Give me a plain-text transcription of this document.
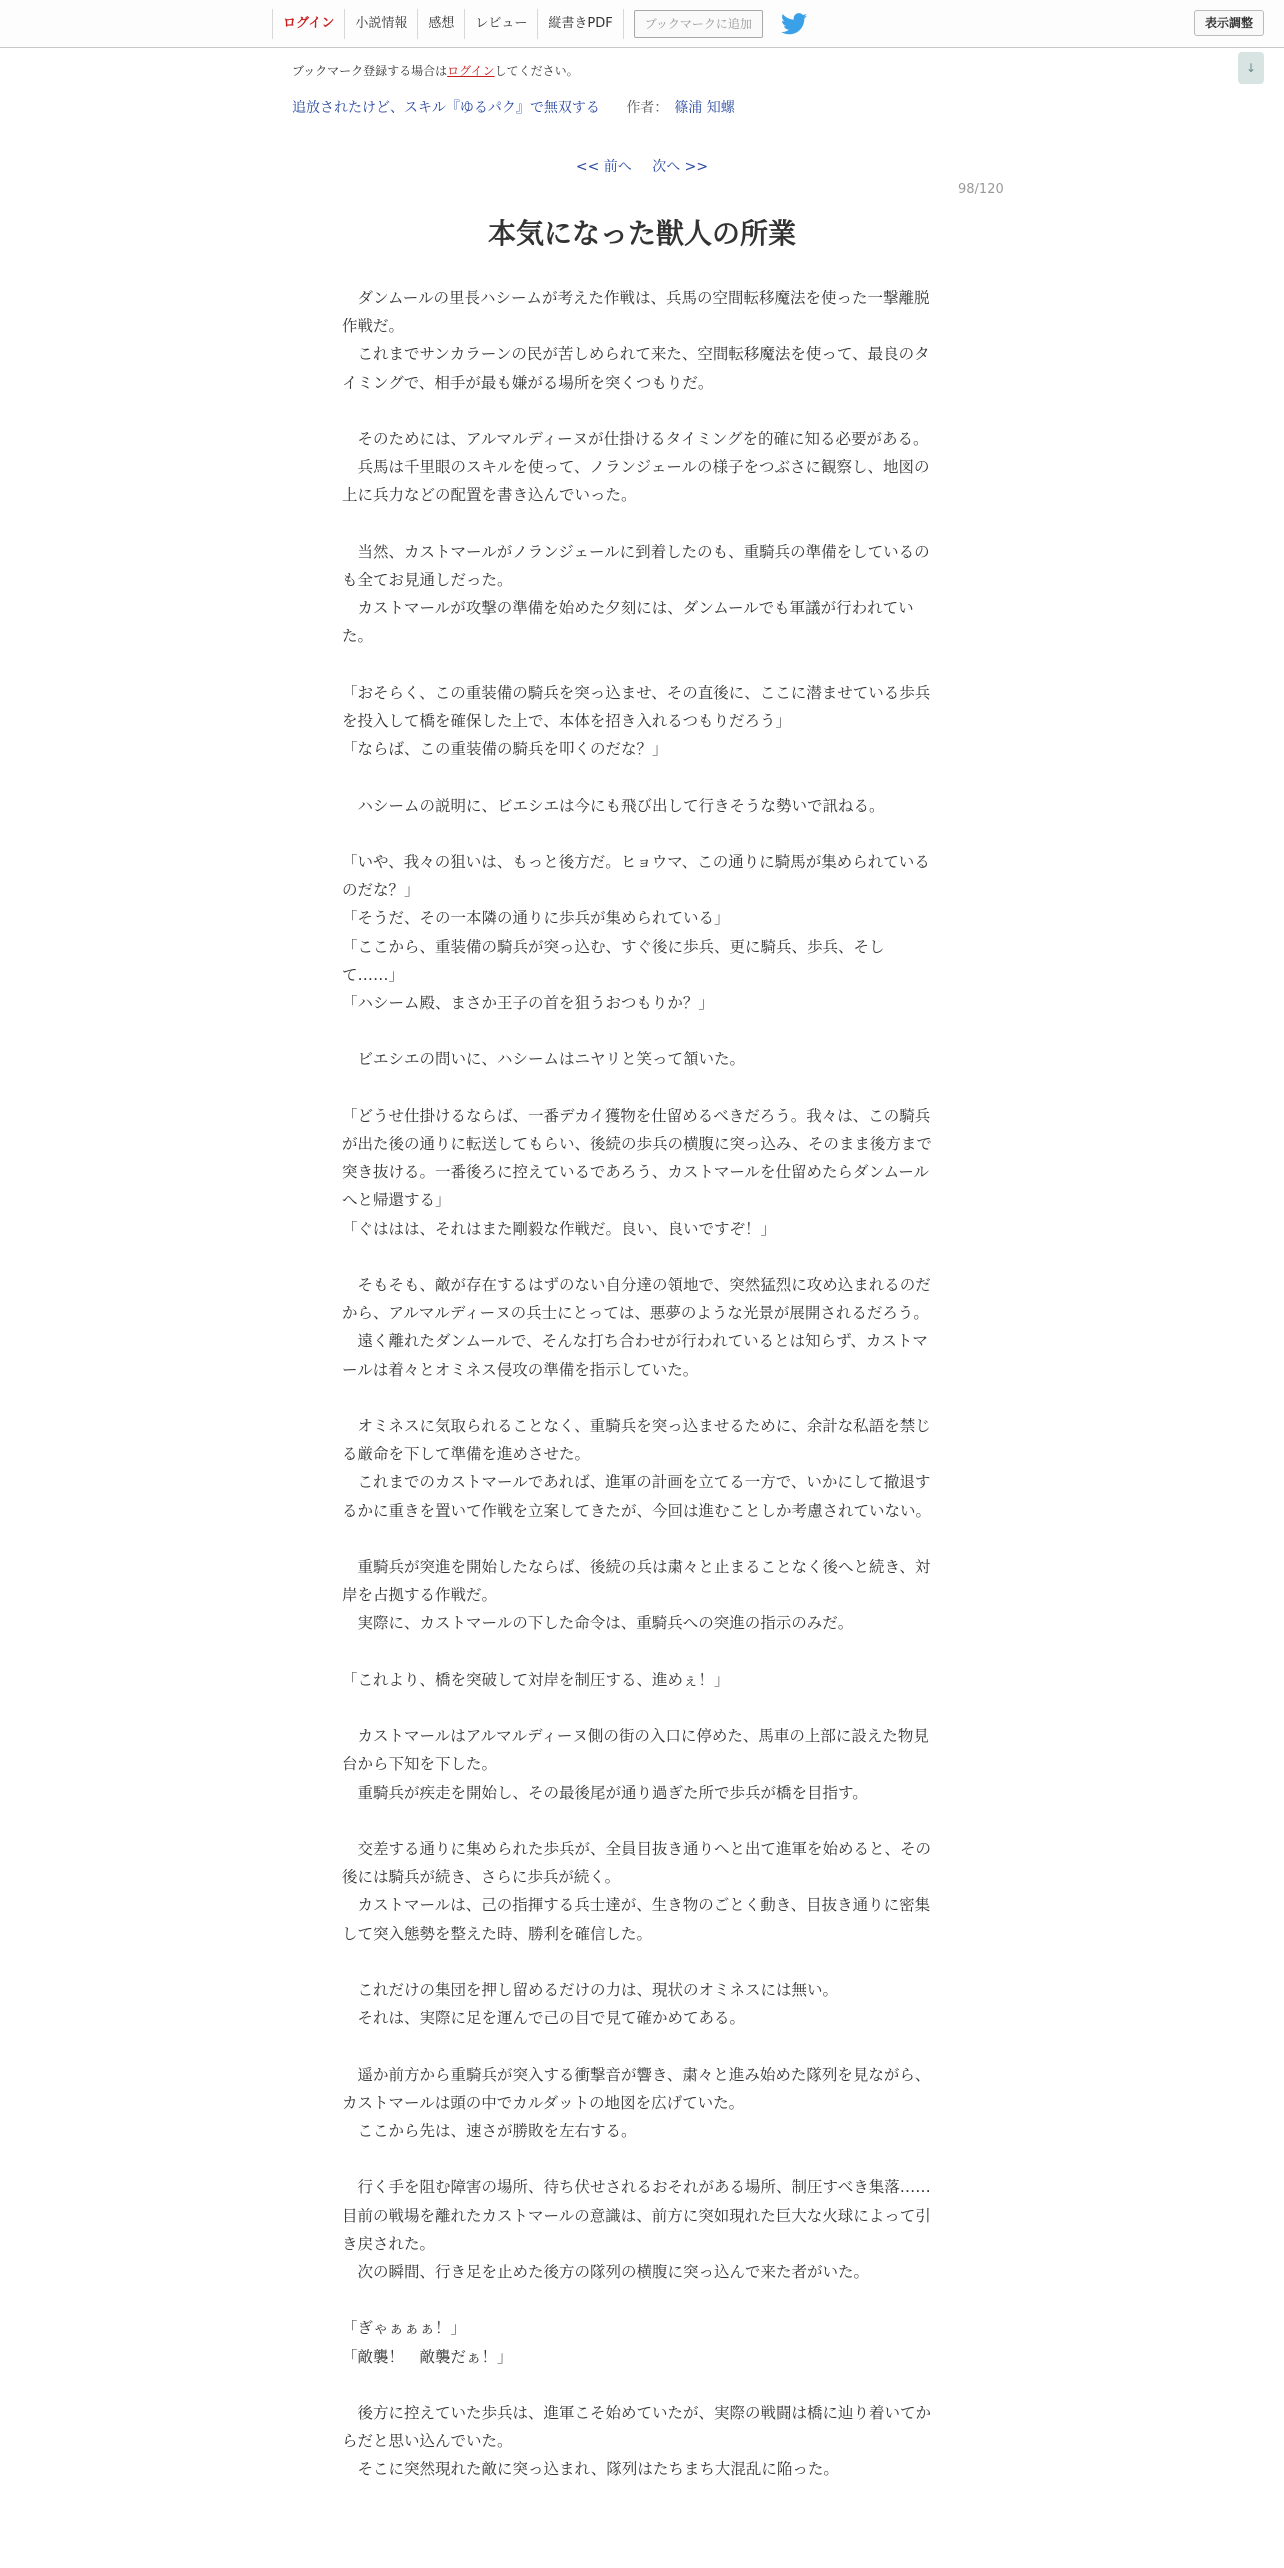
ログイン	小説情報	感想	レビュー	縦書きPDF	ブックマークに追加	表示調整
↓
ブックマーク登録する場合はログインしてください。
追放されたけど、スキル『ゆるパク』で無双する 作者： 篠浦 知螺
<< 前へ 次へ >>
98/120
本気になった獣人の所業

　ダンムールの里長ハシームが考えた作戦は、兵馬の空間転移魔法を使った一撃離脱作戦だ。

　これまでサンカラーンの民が苦しめられて来た、空間転移魔法を使って、最良のタイミングで、相手が最も嫌がる場所を突くつもりだ。

　そのためには、アルマルディーヌが仕掛けるタイミングを的確に知る必要がある。

　兵馬は千里眼のスキルを使って、ノランジェールの様子をつぶさに観察し、地図の上に兵力などの配置を書き込んでいった。

　当然、カストマールがノランジェールに到着したのも、重騎兵の準備をしているのも全てお見通しだった。

　カストマールが攻撃の準備を始めた夕刻には、ダンムールでも軍議が行われていた。

「おそらく、この重装備の騎兵を突っ込ませ、その直後に、ここに潜ませている歩兵を投入して橋を確保した上で、本体を招き入れるつもりだろう」

「ならば、この重装備の騎兵を叩くのだな？」

　ハシームの説明に、ビエシエは今にも飛び出して行きそうな勢いで訊ねる。

「いや、我々の狙いは、もっと後方だ。ヒョウマ、この通りに騎馬が集められているのだな？」

「そうだ、その一本隣の通りに歩兵が集められている」

「ここから、重装備の騎兵が突っ込む、すぐ後に歩兵、更に騎兵、歩兵、そして……」

「ハシーム殿、まさか王子の首を狙うおつもりか？」

　ビエシエの問いに、ハシームはニヤリと笑って頷いた。

「どうせ仕掛けるならば、一番デカイ獲物を仕留めるべきだろう。我々は、この騎兵が出た後の通りに転送してもらい、後続の歩兵の横腹に突っ込み、そのまま後方まで突き抜ける。一番後ろに控えているであろう、カストマールを仕留めたらダンムールへと帰還する」

「ぐははは、それはまた剛毅な作戦だ。良い、良いですぞ！」

　そもそも、敵が存在するはずのない自分達の領地で、突然猛烈に攻め込まれるのだから、アルマルディーヌの兵士にとっては、悪夢のような光景が展開されるだろう。

　遠く離れたダンムールで、そんな打ち合わせが行われているとは知らず、カストマールは着々とオミネス侵攻の準備を指示していた。

　オミネスに気取られることなく、重騎兵を突っ込ませるために、余計な私語を禁じる厳命を下して準備を進めさせた。

　これまでのカストマールであれば、進軍の計画を立てる一方で、いかにして撤退するかに重きを置いて作戦を立案してきたが、今回は進むことしか考慮されていない。

　重騎兵が突進を開始したならば、後続の兵は粛々と止まることなく後へと続き、対岸を占拠する作戦だ。

　実際に、カストマールの下した命令は、重騎兵への突進の指示のみだ。

「これより、橋を突破して対岸を制圧する、進めぇ！」

　カストマールはアルマルディーヌ側の街の入口に停めた、馬車の上部に設えた物見台から下知を下した。

　重騎兵が疾走を開始し、その最後尾が通り過ぎた所で歩兵が橋を目指す。

　交差する通りに集められた歩兵が、全員目抜き通りへと出て進軍を始めると、その後には騎兵が続き、さらに歩兵が続く。

　カストマールは、己の指揮する兵士達が、生き物のごとく動き、目抜き通りに密集して突入態勢を整えた時、勝利を確信した。

　これだけの集団を押し留めるだけの力は、現状のオミネスには無い。

　それは、実際に足を運んで己の目で見て確かめてある。

　遥か前方から重騎兵が突入する衝撃音が響き、粛々と進み始めた隊列を見ながら、カストマールは頭の中でカルダットの地図を広げていた。

　ここから先は、速さが勝敗を左右する。

　行く手を阻む障害の場所、待ち伏せされるおそれがある場所、制圧すべき集落……目前の戦場を離れたカストマールの意識は、前方に突如現れた巨大な火球によって引き戻された。

　次の瞬間、行き足を止めた後方の隊列の横腹に突っ込んで来た者がいた。

「ぎゃぁぁぁ！」

「敵襲！　敵襲だぁ！」

　後方に控えていた歩兵は、進軍こそ始めていたが、実際の戦闘は橋に辿り着いてからだと思い込んでいた。

　そこに突然現れた敵に突っ込まれ、隊列はたちまち大混乱に陥った。
